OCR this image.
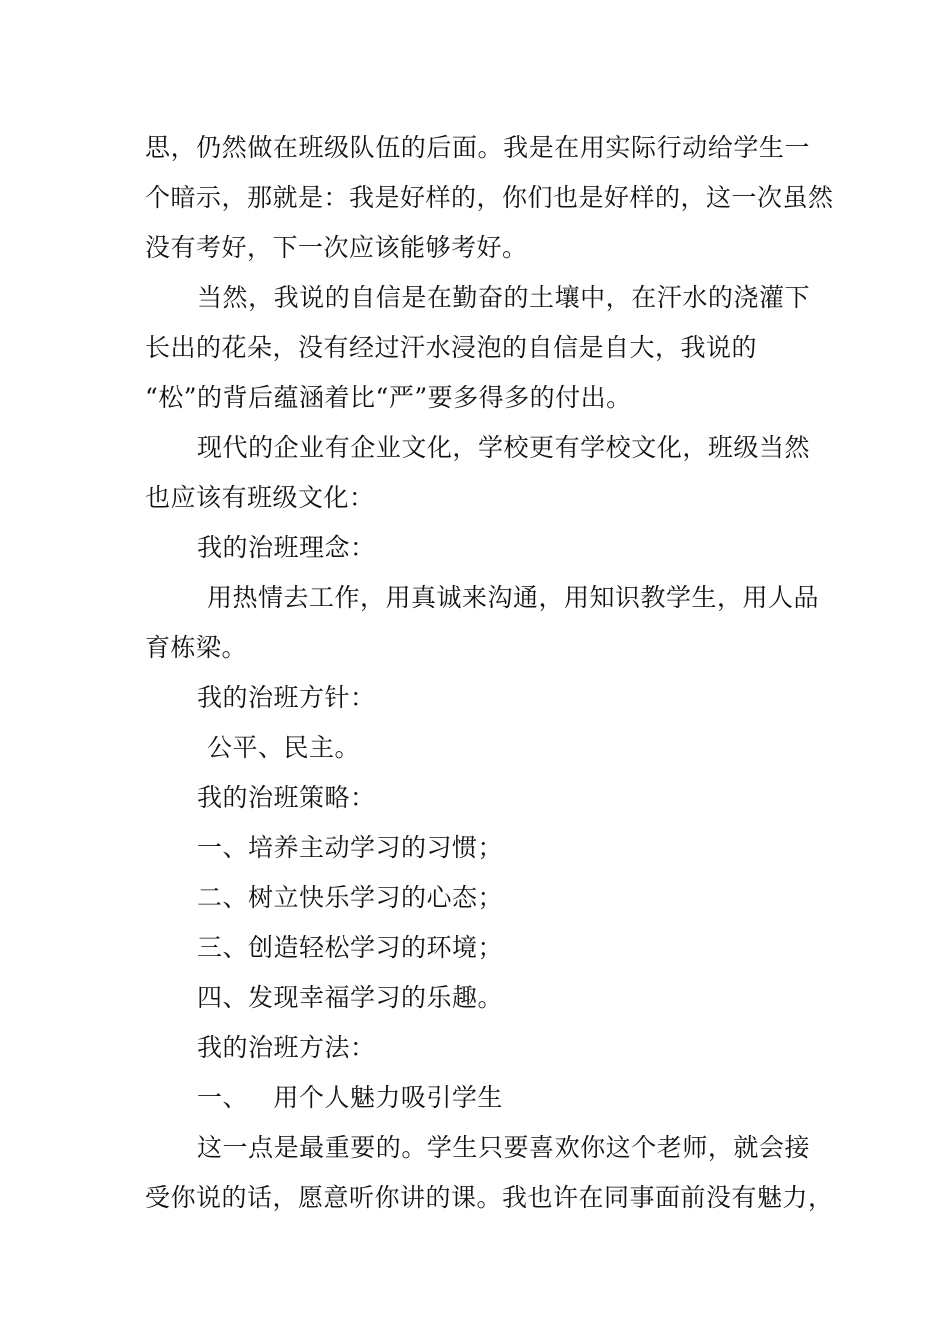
思，仍然做在班级队伍的后面。我是在用实际行动给学生一
个暗示，那就是：我是好样的，你们也是好样的，这一次虽然
没有考好，下一次应该能够考好。
当然，我说的自信是在勤奋的土壤中，在汗水的浇灌下
长出的花朵，没有经过汗水浸泡的自信是自大，我说的
“松”的背后蕴涵着比“严”要多得多的付出。
现代的企业有企业文化，学校更有学校文化，班级当然
也应该有班级文化：
我的治班理念：
用热情去工作，用真诚来沟通，用知识教学生，用人品
育栋梁。
我的治班方针：
公平、民主。
我的治班策略：
一、培养主动学习的习惯；
二、树立快乐学习的心态；
三、创造轻松学习的环境；
四、发现幸福学习的乐趣。
我的治班方法：
一、   用个人魅力吸引学生
这一点是最重要的。学生只要喜欢你这个老师，就会接
受你说的话，愿意听你讲的课。我也许在同事面前没有魅力，
